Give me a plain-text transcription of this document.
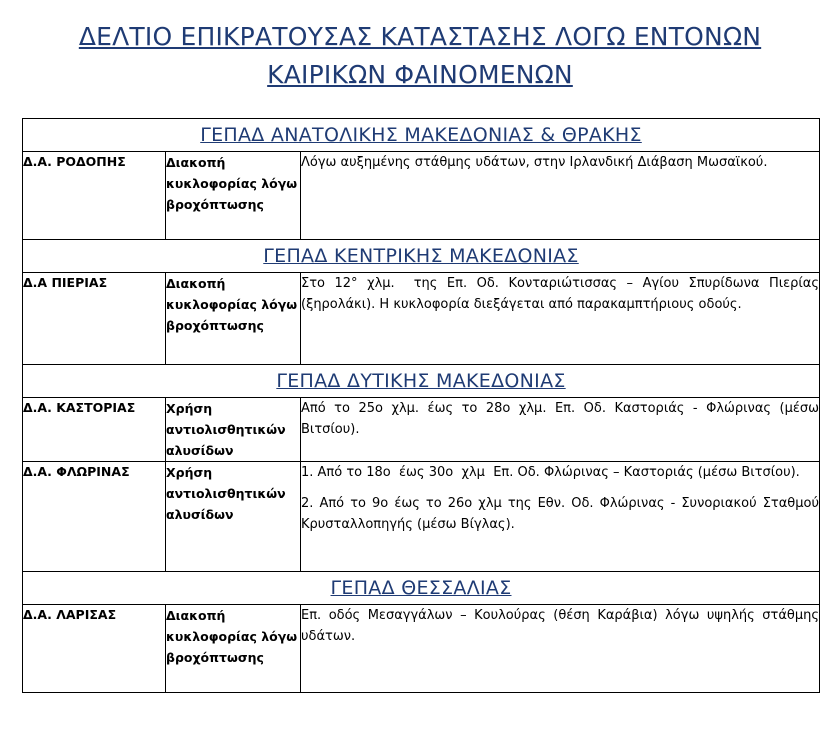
ΔΕΛΤΙΟ ΕΠΙΚΡΑΤΟΥΣΑΣ ΚΑΤΑΣΤΑΣΗΣ ΛΟΓΩ ΕΝΤΟΝΩΝ
ΚΑΙΡΙΚΩΝ ΦΑΙΝΟΜΕΝΩΝ
ΓΕΠΑΔ ΑΝΑΤΟΛΙΚΗΣ ΜΑΚΕΔΟΝΙΑΣ & ΘΡΑΚΗΣ		
Δ.Α. ΡΟΔΟΠΗΣ	Διακοπή κυκλοφορίας λόγω βροχόπτωσης	Λόγω αυξημένης στάθμης υδάτων, στην Ιρλανδική Διάβαση Μωσαϊκού.

ΓΕΠΑΔ ΚΕΝΤΡΙΚΗΣ ΜΑΚΕΔΟΝΙΑΣ		
Δ.Α ΠΙΕΡΙΑΣ	Διακοπή κυκλοφορίας λόγω βροχόπτωσης	Στο 12° χλμ.  της Επ. Οδ. Κονταριώτισσας – Αγίου Σπυρίδωνα Πιερίας (ξηρολάκι). Η κυκλοφορία διεξάγεται από παρακαμπτήριους οδούς.

ΓΕΠΑΔ ΔΥΤΙΚΗΣ ΜΑΚΕΔΟΝΙΑΣ		
Δ.Α. ΚΑΣΤΟΡΙΑΣ	Χρήση αντιολισθητικών αλυσίδων	Από το 25ο χλμ. έως το 28ο χλμ. Επ. Οδ. Καστοριάς - Φλώρινας (μέσω Βιτσίου).

Δ.Α. ΦΛΩΡΙΝΑΣ	Χρήση αντιολισθητικών αλυσίδων	1. Από το 18ο  έως 30ο  χλμ  Επ. Οδ. Φλώρινας – Καστοριάς (μέσω Βιτσίου).

2. Από το 9ο έως το 26ο χλμ της Εθν. Οδ. Φλώρινας - Συνοριακού Σταθμού Κρυσταλλοπηγής (μέσω Βίγλας).

ΓΕΠΑΔ ΘΕΣΣΑΛΙΑΣ		
Δ.Α. ΛΑΡΙΣΑΣ	Διακοπή κυκλοφορίας λόγω βροχόπτωσης	Επ. οδός Μεσαγγάλων – Κουλούρας (θέση Καράβια) λόγω υψηλής στάθμης υδάτων.
